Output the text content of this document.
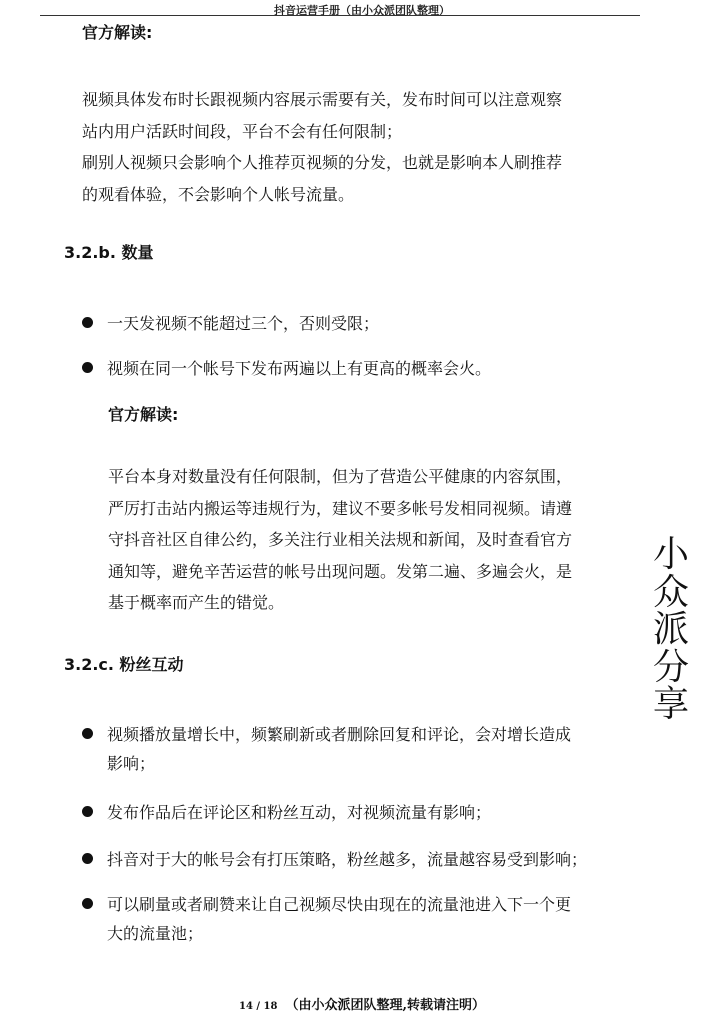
抖音运营手册（由小众派团队整理）
官方解读:
视频具体发布时长跟视频内容展示需要有关，发布时间可以注意观察
站内用户活跃时间段，平台不会有任何限制；
刷别人视频只会影响个人推荐页视频的分发，也就是影响本人刷推荐
的观看体验，不会影响个人帐号流量。
3.2.b. 数量
一天发视频不能超过三个，否则受限；
视频在同一个帐号下发布两遍以上有更高的概率会火。
官方解读:
平台本身对数量没有任何限制，但为了营造公平健康的内容氛围，
严厉打击站内搬运等违规行为，建议不要多帐号发相同视频。请遵
守抖音社区自律公约，多关注行业相关法规和新闻，及时查看官方
通知等，避免辛苦运营的帐号出现问题。发第二遍、多遍会火，是
基于概率而产生的错觉。
3.2.c. 粉丝互动
视频播放量增长中，频繁刷新或者删除回复和评论，会对增长造成
影响；
发布作品后在评论区和粉丝互动，对视频流量有影响；
抖音对于大的帐号会有打压策略，粉丝越多，流量越容易受到影响；
可以刷量或者刷赞来让自己视频尽快由现在的流量池进入下一个更
大的流量池；
小
众
派
分
享
14 / 18 （由小众派团队整理,转载请注明）
